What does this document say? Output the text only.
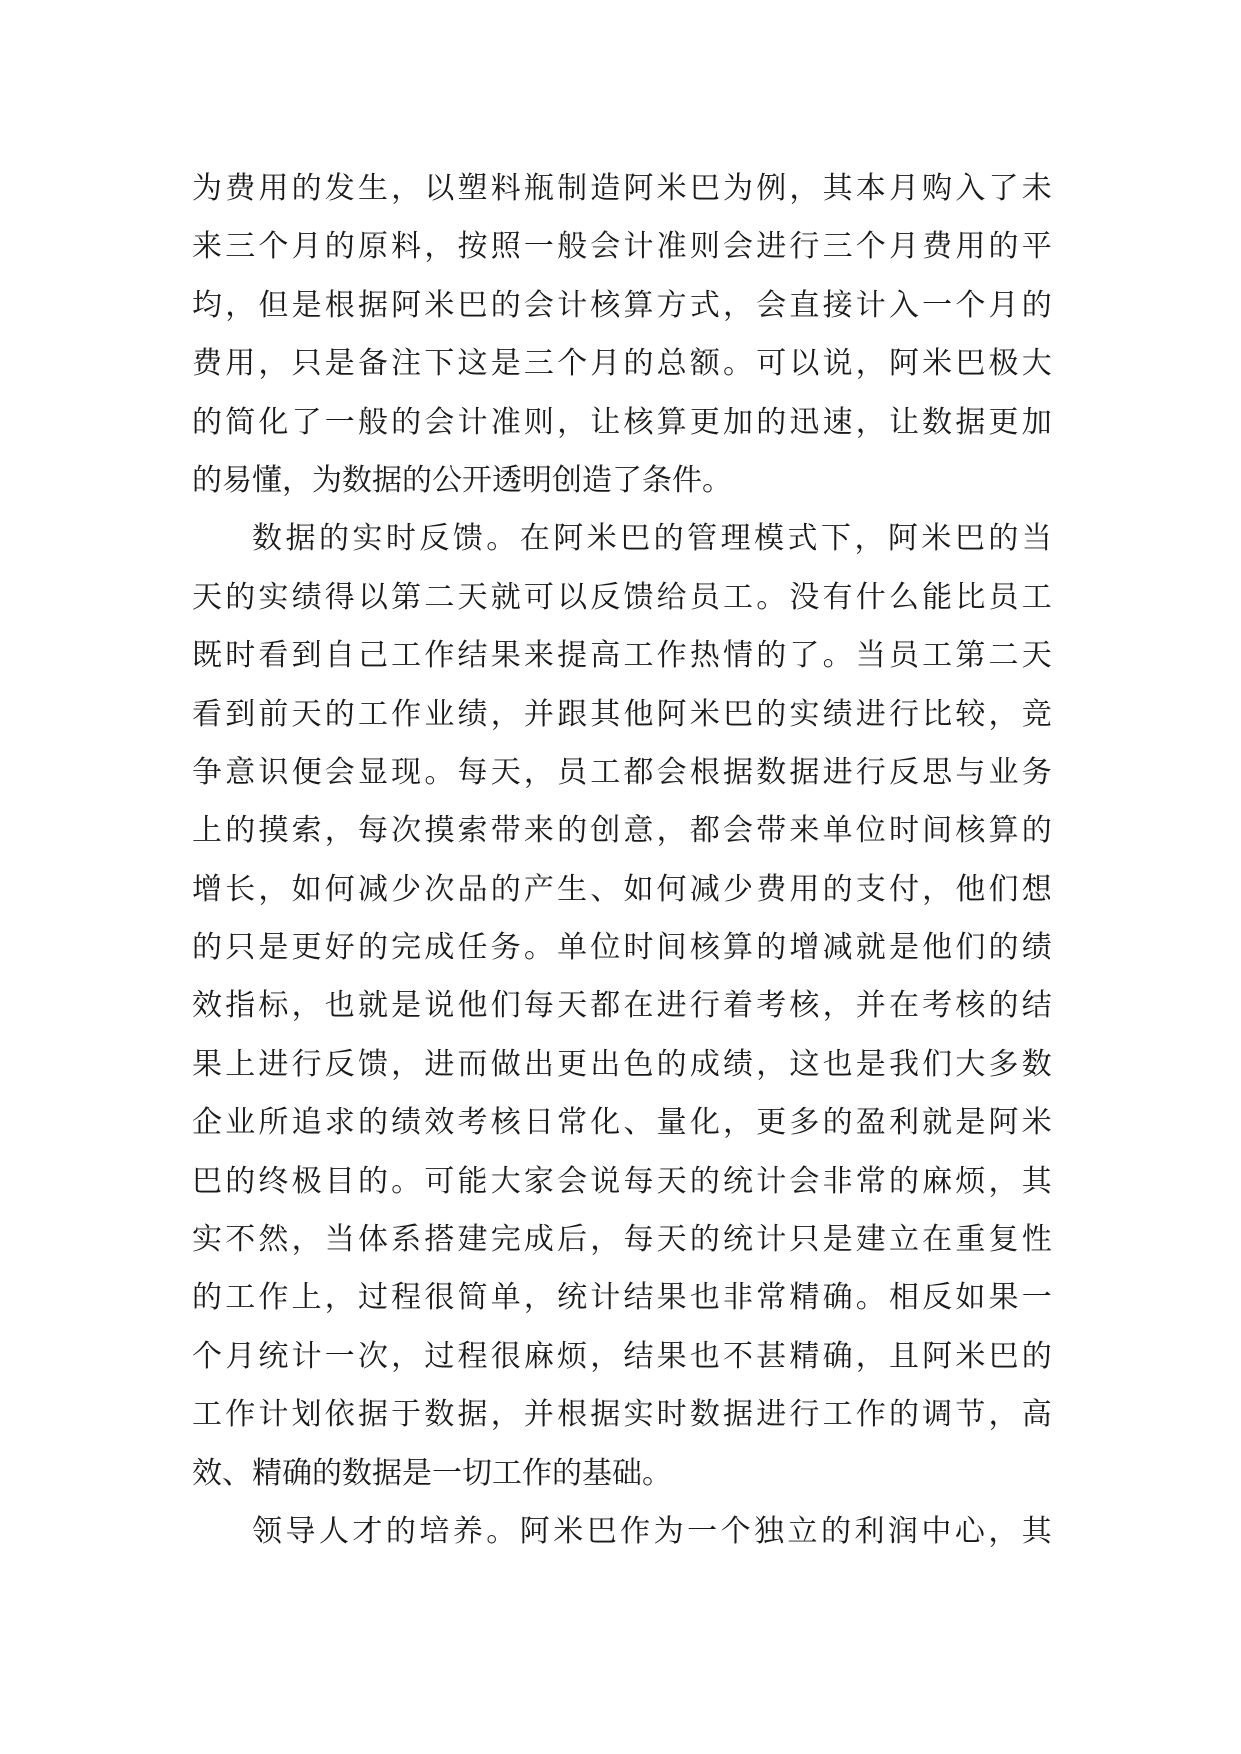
为 费 用 的 发 生 ， 以 塑 料 瓶 制 造 阿 米 巴 为 例 ， 其 本 月 购 入 了 未
来 三 个 月 的 原 料 ， 按 照 一 般 会 计 准 则 会 进 行 三 个 月 费 用 的 平
均 ， 但 是 根 据 阿 米 巴 的 会 计 核 算 方 式 ， 会 直 接 计 入 一 个 月 的
费 用 ， 只 是 备 注 下 这 是 三 个 月 的 总 额 。 可 以 说 ， 阿 米 巴 极 大
的 简 化 了 一 般 的 会 计 准 则 ， 让 核 算 更 加 的 迅 速 ， 让 数 据 更 加
的 易 懂 ， 为 数 据 的 公 开 透 明 创 造 了 条 件 。
数 据 的 实 时 反 馈 。 在 阿 米 巴 的 管 理 模 式 下 ， 阿 米 巴 的 当
天 的 实 绩 得 以 第 二 天 就 可 以 反 馈 给 员 工 。 没 有 什 么 能 比 员 工
既 时 看 到 自 己 工 作 结 果 来 提 高 工 作 热 情 的 了 。 当 员 工 第 二 天
看 到 前 天 的 工 作 业 绩 ， 并 跟 其 他 阿 米 巴 的 实 绩 进 行 比 较 ， 竞
争 意 识 便 会 显 现 。 每 天 ， 员 工 都 会 根 据 数 据 进 行 反 思 与 业 务
上 的 摸 索 ， 每 次 摸 索 带 来 的 创 意 ， 都 会 带 来 单 位 时 间 核 算 的
增 长 ， 如 何 减 少 次 品 的 产 生 、 如 何 减 少 费 用 的 支 付 ， 他 们 想
的 只 是 更 好 的 完 成 任 务 。 单 位 时 间 核 算 的 增 减 就 是 他 们 的 绩
效 指 标 ， 也 就 是 说 他 们 每 天 都 在 进 行 着 考 核 ， 并 在 考 核 的 结
果 上 进 行 反 馈 ， 进 而 做 出 更 出 色 的 成 绩 ， 这 也 是 我 们 大 多 数
企 业 所 追 求 的 绩 效 考 核 日 常 化 、 量 化 ， 更 多 的 盈 利 就 是 阿 米
巴 的 终 极 目 的 。 可 能 大 家 会 说 每 天 的 统 计 会 非 常 的 麻 烦 ， 其
实 不 然 ， 当 体 系 搭 建 完 成 后 ， 每 天 的 统 计 只 是 建 立 在 重 复 性
的 工 作 上 ， 过 程 很 简 单 ， 统 计 结 果 也 非 常 精 确 。 相 反 如 果 一
个 月 统 计 一 次 ， 过 程 很 麻 烦 ， 结 果 也 不 甚 精 确 ， 且 阿 米 巴 的
工 作 计 划 依 据 于 数 据 ， 并 根 据 实 时 数 据 进 行 工 作 的 调 节 ， 高
效 、 精 确 的 数 据 是 一 切 工 作 的 基 础 。
领 导 人 才 的 培 养 。 阿 米 巴 作 为 一 个 独 立 的 利 润 中 心 ， 其
